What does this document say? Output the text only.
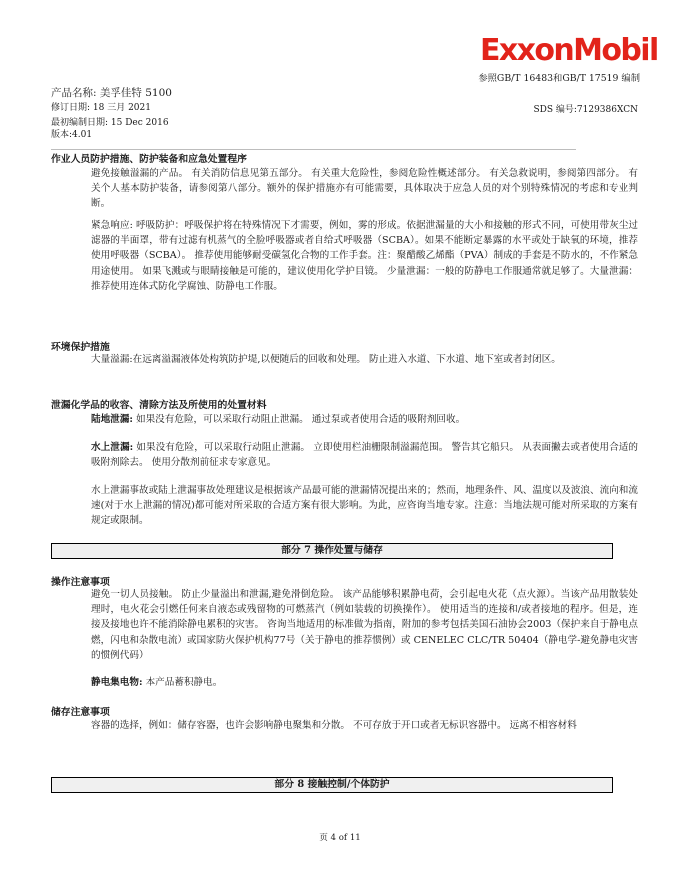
ExxonMobil
参照GB/T 16483和GB/T 17519 编制
产品名称: 美孚佳特 5100
修订日期: 18 三月 2021
最初编制日期: 15 Dec 2016
版本:4.01
SDS 编号:7129386XCN
作业人员防护措施、防护装备和应急处置程序
避免接触溢漏的产品。 有关消防信息见第五部分。 有关重大危险性，参阅危险性概述部分。 有关急救说明，参阅第四部分。 有关个人基本防护装备，请参阅第八部分。额外的保护措施亦有可能需要，具体取决于应急人员的对个别特殊情况的考虑和专业判断。
紧急响应: 呼吸防护：呼吸保护将在特殊情况下才需要，例如，雾的形成。依据泄漏量的大小和接触的形式不同，可使用带灰尘过滤器的半面罩，带有过滤有机蒸气的全脸呼吸器或者自给式呼吸器（SCBA）。如果不能断定暴露的水平或处于缺氧的环境，推荐使用呼吸器（SCBA）。 推荐使用能够耐受碳氢化合物的工作手套。注：聚醋酸乙烯酯（PVA）制成的手套是不防水的，不作紧急用途使用。 如果飞溅或与眼睛接触是可能的，建议使用化学护目镜。 少量泄漏：一般的防静电工作服通常就足够了。大量泄漏：推荐使用连体式防化学腐蚀、防静电工作服。
环境保护措施
大量溢漏:在远离溢漏液体处构筑防护堤,以便随后的回收和处理。 防止进入水道、下水道、地下室或者封闭区。
泄漏化学品的收容、清除方法及所使用的处置材料
陆地泄漏: 如果没有危险，可以采取行动阻止泄漏。 通过泵或者使用合适的吸附剂回收。
水上泄漏: 如果没有危险，可以采取行动阻止泄漏。 立即使用栏油栅限制溢漏范围。 警告其它船只。 从表面撇去或者使用合适的吸附剂除去。 使用分散剂前征求专家意见。
水上泄漏事故或陆上泄漏事故处理建议是根据该产品最可能的泄漏情况提出来的；然而，地理条件、风、温度以及波浪、流向和流速(对于水上泄漏的情况)都可能对所采取的合适方案有很大影响。为此，应咨询当地专家。注意：当地法规可能对所采取的方案有规定或限制。
部分 7 操作处置与储存
操作注意事项
避免一切人员接触。 防止少量溢出和泄漏,避免滑倒危险。 该产品能够积累静电荷，会引起电火花（点火源）。当该产品用散装处理时，电火花会引燃任何来自液态或残留物的可燃蒸汽（例如装载的切换操作）。 使用适当的连接和/或者接地的程序。但是，连接及接地也许不能消除静电累积的灾害。 咨询当地适用的标准做为指南，附加的参考包括美国石油协会2003（保护来自于静电点燃，闪电和杂散电流）或国家防火保护机构77号（关于静电的推荐惯例）或 CENELEC CLC/TR 50404（静电学-避免静电灾害的惯例代码）
静电集电物: 本产品蓄积静电。
储存注意事项
容器的选择，例如：储存容器，也许会影响静电聚集和分散。 不可存放于开口或者无标识容器中。 远离不相容材料
部分 8 接触控制/个体防护
页 4 of 11
